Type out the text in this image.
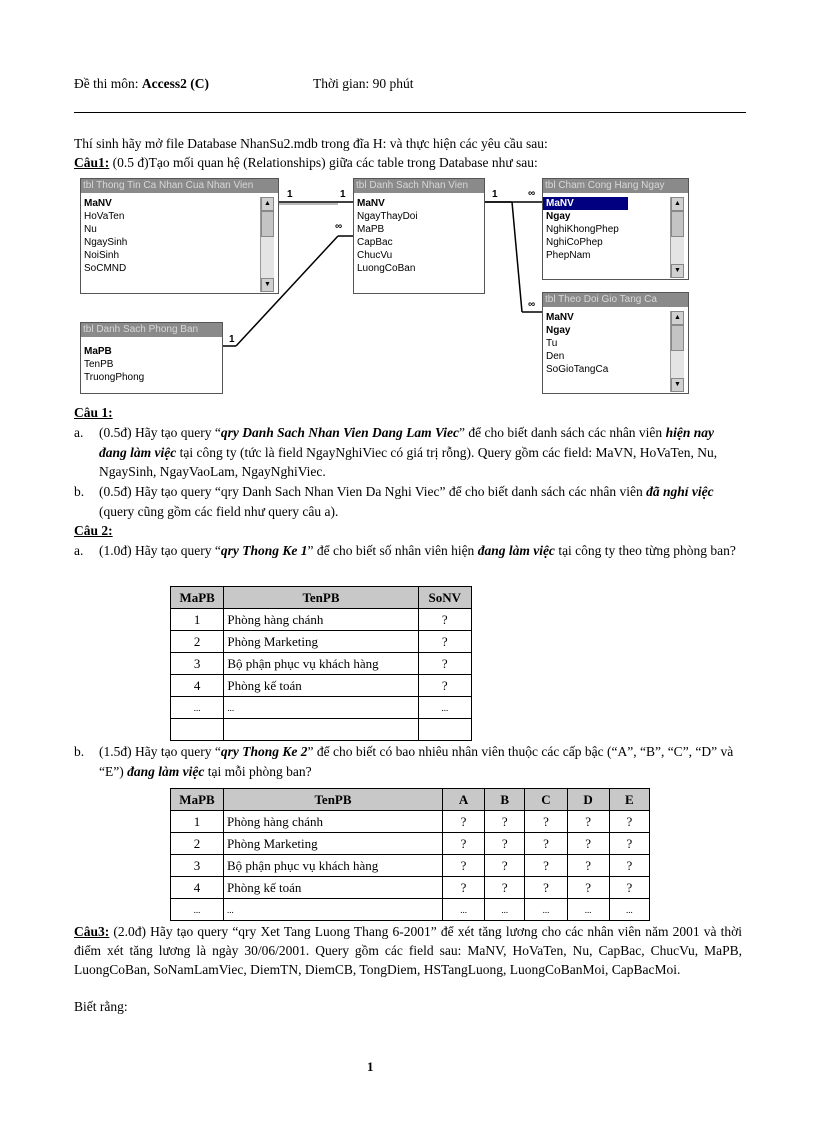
Đề thi môn: Access2 (C)	Thời gian: 90 phút
Thí sinh hãy mở file Database NhanSu2.mdb trong đĩa H: và thực hiện các yêu cầu sau:
Câu1: (0.5 đ)Tạo mối quan hệ (Relationships) giữa các table trong Database như sau:
1	1	1	∞
∞
∞
1
tbl Thong Tin Ca Nhan Cua Nhan Vien
MaNV
HoVaTen
Nu
NgaySinh
NoiSinh
SoCMND
▲
▼
tbl Danh Sach Nhan Vien
MaNV
NgayThayDoi
MaPB
CapBac
ChucVu
LuongCoBan
tbl Cham Cong Hang Ngay
MaNV
Ngay
NghiKhongPhep
NghiCoPhep
PhepNam
▲
▼
tbl Theo Doi Gio Tang Ca
MaNV
Ngay
Tu
Den
SoGioTangCa
▲
▼
tbl Danh Sach Phong Ban
MaPB
TenPB
TruongPhong
Câu 1:
a. (0.5đ) Hãy tạo query “qry Danh Sach Nhan Vien Dang Lam Viec” để cho biết danh sách các nhân viên hiện nay đang làm việc tại công ty (tức là field NgayNghiViec có giá trị rỗng). Query gồm các field: MaVN, HoVaTen, Nu, NgaySinh, NgayVaoLam, NgayNghiViec.
b. (0.5đ) Hãy tạo query “qry Danh Sach Nhan Vien Da Nghi Viec” để cho biết danh sách các nhân viên đã nghỉ việc (query cũng gồm các field như query câu a).
Câu 2:
a. (1.0đ) Hãy tạo query “qry Thong Ke 1” để cho biết số nhân viên hiện đang làm việc tại công ty theo từng phòng ban?
MaPB	TenPB	SoNV
1	Phòng hàng chánh	?
2	Phòng Marketing	?
3	Bộ phận phục vụ khách hàng	?
4	Phòng kế toán	?
...	...	...

b. (1.5đ) Hãy tạo query “qry Thong Ke 2” để cho biết có bao nhiêu nhân viên thuộc các cấp bậc (“A”, “B”, “C”, “D” và “E”) đang làm việc tại mỗi phòng ban?
MaPB	TenPB	A	B	C	D	E
1	Phòng hàng chánh	?	?	?	?	?
2	Phòng Marketing	?	?	?	?	?
3	Bộ phận phục vụ khách hàng	?	?	?	?	?
4	Phòng kế toán	?	?	?	?	?
...	...	...	...	...	...	...
Câu3: (2.0đ) Hãy tạo query “qry Xet Tang Luong Thang 6-2001” để xét tăng lương cho các nhân viên năm 2001 và thời điểm xét tăng lương là ngày 30/06/2001. Query gồm các field sau: MaNV, HoVaTen, Nu, CapBac, ChucVu, MaPB, LuongCoBan, SoNamLamViec, DiemTN, DiemCB, TongDiem, HSTangLuong, LuongCoBanMoi, CapBacMoi.
Biết rằng:
1
